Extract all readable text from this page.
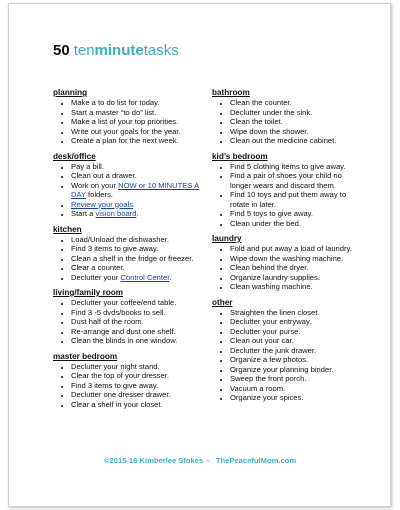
50 tenminutetasks
planning
• Make a to do list for today.
• Start a master “to do” list.
• Make a list of your top priorities.
• Write out your goals for the year.
• Create a plan for the next week.
desk/office
• Pay a bill.
• Clean out a drawer.
• Work on your NOW or 10 MINUTES A DAY folders.
• Review your goals.
• Start a vision board.
kitchen
• Load/Unload the dishwasher.
• Find 3 items to give away.
• Clean a shelf in the fridge or freezer.
• Clear a counter.
• Declutter your Control Center.
living/family room
• Declutter your coffee/end table.
• Find 3 -5 dvds/books to sell.
• Dust half of the room.
• Re-arrange and dust one shelf.
• Clean the blinds in one window.
master bedroom
• Declutter your night stand.
• Clear the top of your dresser.
• Find 3 items to give away.
• Declutter one dresser drawer.
• Clear a shelf in your closet.
bathroom
• Clean the counter.
• Declutter under the sink.
• Clean the toilet.
• Wipe down the shower.
• Clean out the medicine cabinet.
kid’s bedroom
• Find 5 clothing items to give away.
• Find a pair of shoes your child no longer wears and discard them.
• Find 10 toys and put them away to rotate in later.
• Find 5 toys to give away.
• Clean under the bed.
laundry
• Fold and put away a load of laundry.
• Wipe down the washing machine.
• Clean behind the dryer.
• Organize laundry supplies.
• Clean washing machine.
other
• Straighten the linen closet.
• Declutter your entryway.
• Declutter your purse.
• Clean out your car.
• Declutter the junk drawer.
• Organize a few photos.
• Organize your planning binder.
• Sweep the front porch.
• Vacuum a room.
• Organize your spices.
©2015-16 Kimberlee Stokes – ThePeacefulMom.com
